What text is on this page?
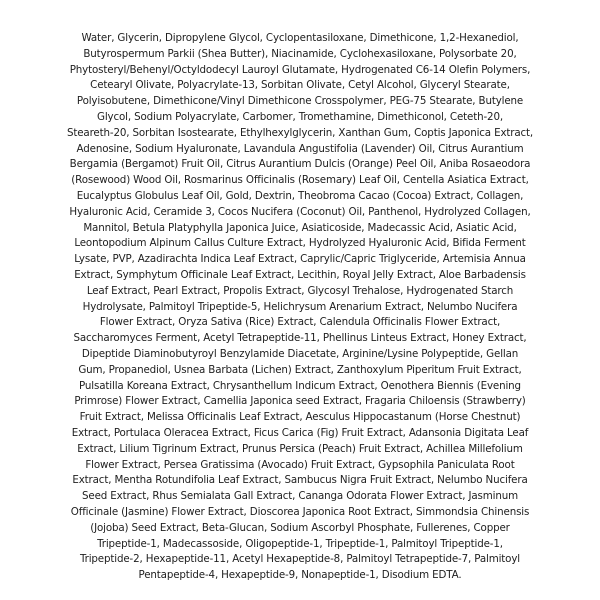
Water, Glycerin, Dipropylene Glycol, Cyclopentasiloxane, Dimethicone, 1,2-Hexanediol,
Butyrospermum Parkii (Shea Butter), Niacinamide, Cyclohexasiloxane, Polysorbate 20,
Phytosteryl/Behenyl/Octyldodecyl Lauroyl Glutamate, Hydrogenated C6-14 Olefin Polymers,
Cetearyl Olivate, Polyacrylate-13, Sorbitan Olivate, Cetyl Alcohol, Glyceryl Stearate,
Polyisobutene, Dimethicone/Vinyl Dimethicone Crosspolymer, PEG-75 Stearate, Butylene
Glycol, Sodium Polyacrylate, Carbomer, Tromethamine, Dimethiconol, Ceteth-20,
Steareth-20, Sorbitan Isostearate, Ethylhexylglycerin, Xanthan Gum, Coptis Japonica Extract,
Adenosine, Sodium Hyaluronate, Lavandula Angustifolia (Lavender) Oil, Citrus Aurantium
Bergamia (Bergamot) Fruit Oil, Citrus Aurantium Dulcis (Orange) Peel Oil, Aniba Rosaeodora
(Rosewood) Wood Oil, Rosmarinus Officinalis (Rosemary) Leaf Oil, Centella Asiatica Extract,
Eucalyptus Globulus Leaf Oil, Gold, Dextrin, Theobroma Cacao (Cocoa) Extract, Collagen,
Hyaluronic Acid, Ceramide 3, Cocos Nucifera (Coconut) Oil, Panthenol, Hydrolyzed Collagen,
Mannitol, Betula Platyphylla Japonica Juice, Asiaticoside, Madecassic Acid, Asiatic Acid,
Leontopodium Alpinum Callus Culture Extract, Hydrolyzed Hyaluronic Acid, Bifida Ferment
Lysate, PVP, Azadirachta Indica Leaf Extract, Caprylic/Capric Triglyceride, Artemisia Annua
Extract, Symphytum Officinale Leaf Extract, Lecithin, Royal Jelly Extract, Aloe Barbadensis
Leaf Extract, Pearl Extract, Propolis Extract, Glycosyl Trehalose, Hydrogenated Starch
Hydrolysate, Palmitoyl Tripeptide-5, Helichrysum Arenarium Extract, Nelumbo Nucifera
Flower Extract, Oryza Sativa (Rice) Extract, Calendula Officinalis Flower Extract,
Saccharomyces Ferment, Acetyl Tetrapeptide-11, Phellinus Linteus Extract, Honey Extract,
Dipeptide Diaminobutyroyl Benzylamide Diacetate, Arginine/Lysine Polypeptide, Gellan
Gum, Propanediol, Usnea Barbata (Lichen) Extract, Zanthoxylum Piperitum Fruit Extract,
Pulsatilla Koreana Extract, Chrysanthellum Indicum Extract, Oenothera Biennis (Evening
Primrose) Flower Extract, Camellia Japonica seed Extract, Fragaria Chiloensis (Strawberry)
Fruit Extract, Melissa Officinalis Leaf Extract, Aesculus Hippocastanum (Horse Chestnut)
Extract, Portulaca Oleracea Extract, Ficus Carica (Fig) Fruit Extract, Adansonia Digitata Leaf
Extract, Lilium Tigrinum Extract, Prunus Persica (Peach) Fruit Extract, Achillea Millefolium
Flower Extract, Persea Gratissima (Avocado) Fruit Extract, Gypsophila Paniculata Root
Extract, Mentha Rotundifolia Leaf Extract, Sambucus Nigra Fruit Extract, Nelumbo Nucifera
Seed Extract, Rhus Semialata Gall Extract, Cananga Odorata Flower Extract, Jasminum
Officinale (Jasmine) Flower Extract, Dioscorea Japonica Root Extract, Simmondsia Chinensis
(Jojoba) Seed Extract, Beta-Glucan, Sodium Ascorbyl Phosphate, Fullerenes, Copper
Tripeptide-1, Madecassoside, Oligopeptide-1, Tripeptide-1, Palmitoyl Tripeptide-1,
Tripeptide-2, Hexapeptide-11, Acetyl Hexapeptide-8, Palmitoyl Tetrapeptide-7, Palmitoyl
Pentapeptide-4, Hexapeptide-9, Nonapeptide-1, Disodium EDTA.
